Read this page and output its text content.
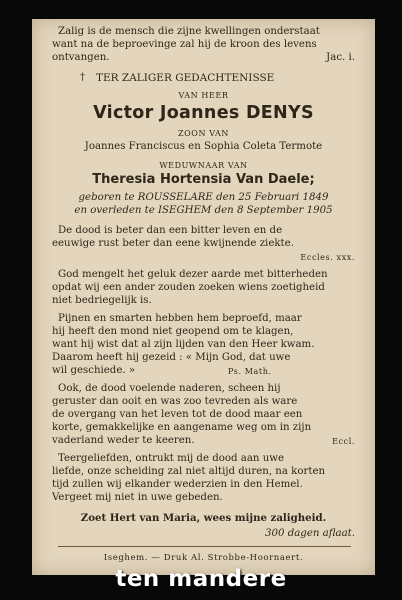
Zalig is de mensch die zijne kwellingen onderstaat
want na de beproevinge zal hij de kroon des levens
ontvangen.	Jac. i.
† TER ZALIGER GEDACHTENISSE
VAN HEER
Victor Joannes DENYS
ZOON VAN
Joannes Franciscus en Sophia Coleta Termote
WEDUWNAAR VAN
Theresia Hortensia Van Daele;
geboren te ROUSSELARE den 25 Februari 1849
en overleden te ISEGHEM den 8 September 1905
De dood is beter dan een bitter leven en de
eeuwige rust beter dan eene kwijnende ziekte.
Eccles. xxx.
God mengelt het geluk dezer aarde met bitterheden
opdat wij een ander zouden zoeken wiens zoetigheid
niet bedriegelijk is.
Pijnen en smarten hebben hem beproefd, maar
hij heeft den mond niet geopend om te klagen,
want hij wist dat al zijn lijden van den Heer kwam.
Daarom heeft hij gezeid : « Mijn God, dat uwe
wil geschiede. »	Ps. Math.
Ook, de dood voelende naderen, scheen hij
geruster dan ooit en was zoo tevreden als ware
de overgang van het leven tot de dood maar een
korte, gemakkelijke en aangename weg om in zijn
vaderland weder te keeren.	Eccl.
Teergeliefden, ontrukt mij de dood aan uwe
liefde, onze scheiding zal niet altijd duren, na korten
tijd zullen wij elkander wederzien in den Hemel.
Vergeet mij niet in uwe gebeden.
Zoet Hert van Maria, wees mijne zaligheid.
300 dagen aflaat.
Iseghem. — Druk Al. Strobbe-Hoornaert.
ten mandere
